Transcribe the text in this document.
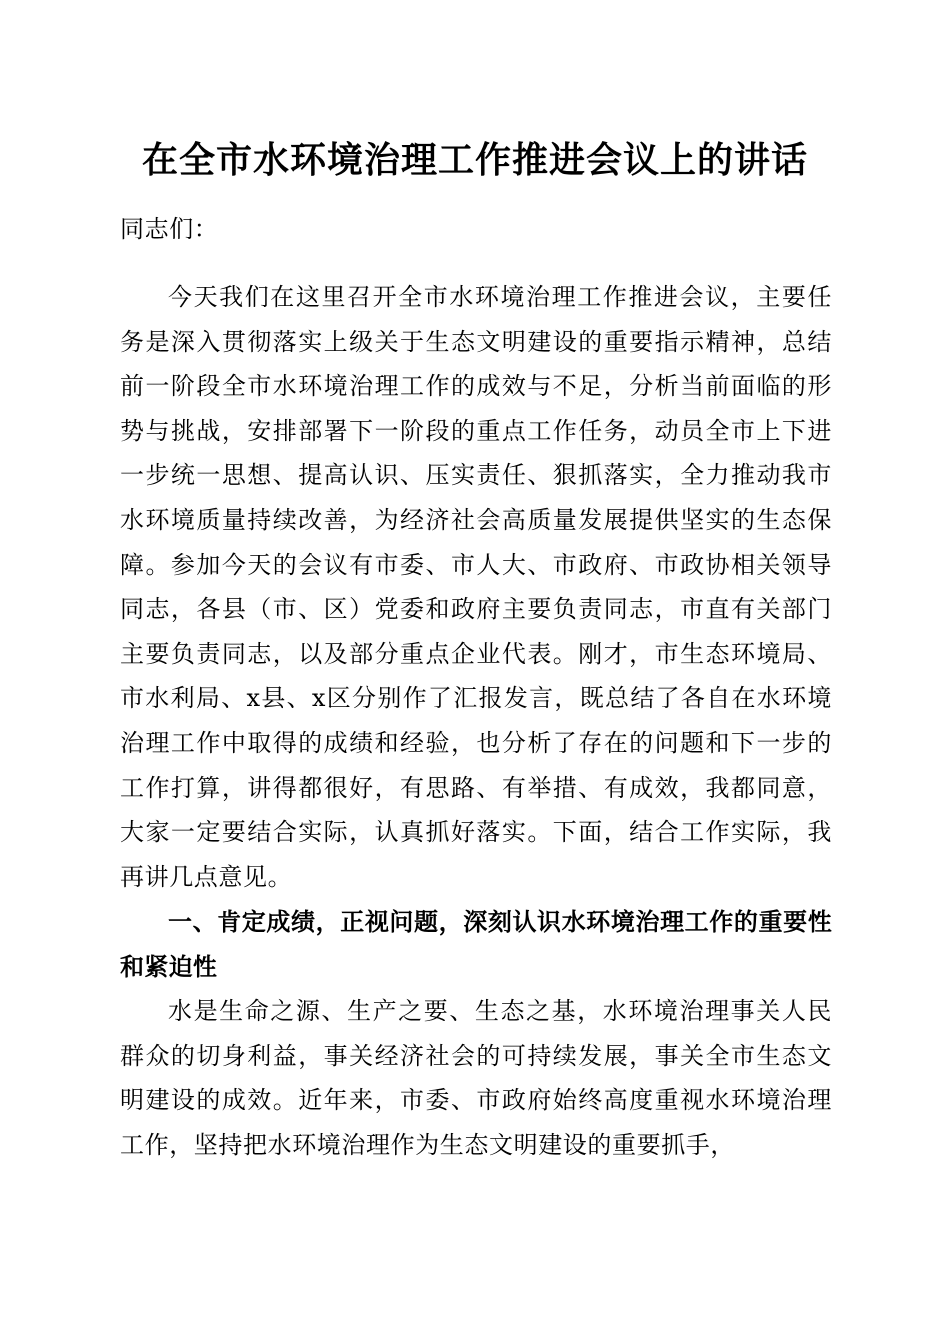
在全市水环境治理工作推进会议上的讲话

同志们：

今天我们在这里召开全市水环境治理工作推进会议，主要任务是深入贯彻落实上级关于生态文明建设的重要指示精神，总结前一阶段全市水环境治理工作的成效与不足，分析当前面临的形势与挑战，安排部署下一阶段的重点工作任务，动员全市上下进一步统一思想、提高认识、压实责任、狠抓落实，全力推动我市水环境质量持续改善，为经济社会高质量发展提供坚实的生态保障。参加今天的会议有市委、市人大、市政府、市政协相关领导同志，各县（市、区）党委和政府主要负责同志，市直有关部门主要负责同志，以及部分重点企业代表。刚才，市生态环境局、市水利局、x县、x区分别作了汇报发言，既总结了各自在水环境治理工作中取得的成绩和经验，也分析了存在的问题和下一步的工作打算，讲得都很好，有思路、有举措、有成效，我都同意，大家一定要结合实际，认真抓好落实。下面，结合工作实际，我再讲几点意见。

一、肯定成绩，正视问题，深刻认识水环境治理工作的重要性和紧迫性

水是生命之源、生产之要、生态之基，水环境治理事关人民群众的切身利益，事关经济社会的可持续发展，事关全市生态文明建设的成效。近年来，市委、市政府始终高度重视水环境治理工作，坚持把水环境治理作为生态文明建设的重要抓手，
